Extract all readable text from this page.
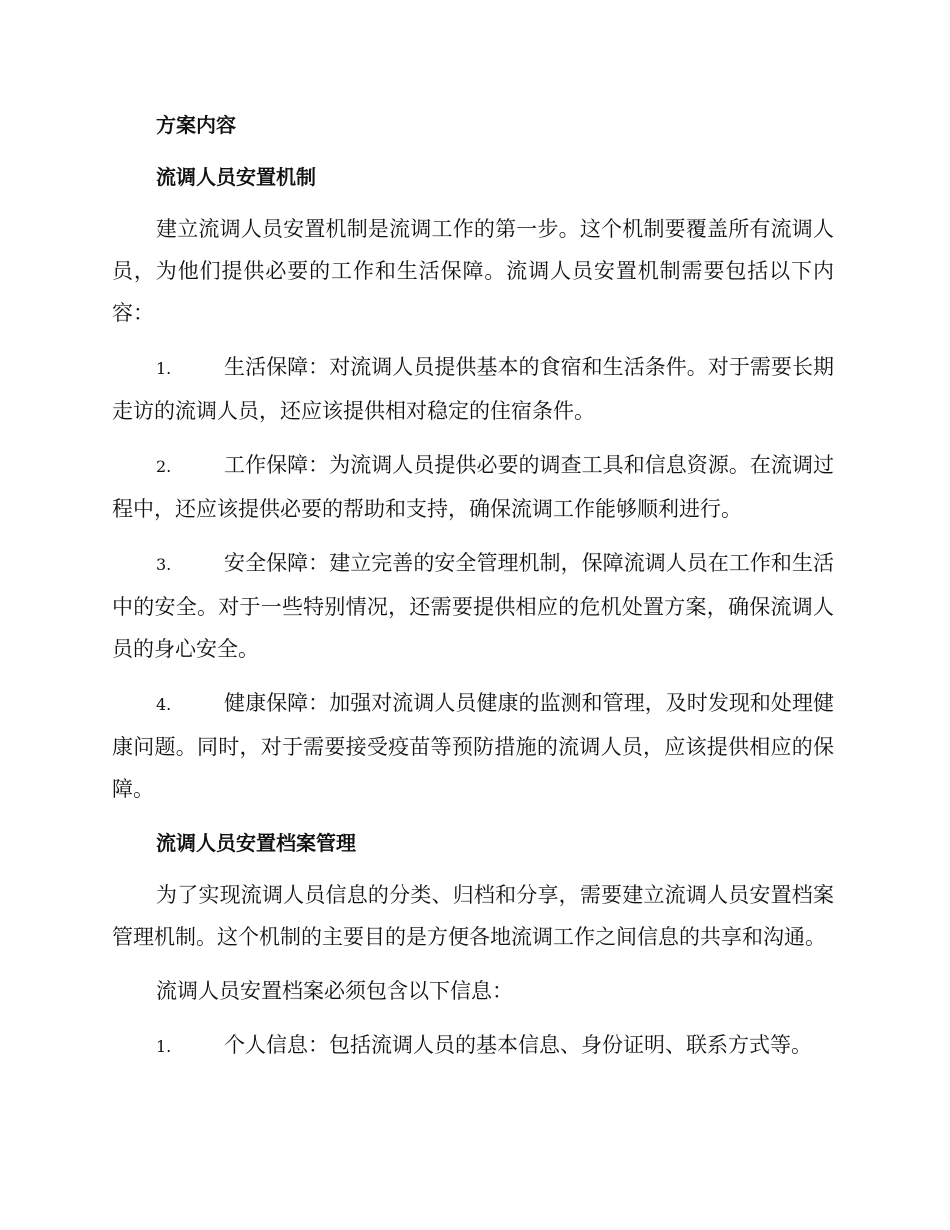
方案内容

流调人员安置机制

建立流调人员安置机制是流调工作的第一步。这个机制要覆盖所有流调人员，为他们提供必要的工作和生活保障。流调人员安置机制需要包括以下内容：

1.	生活保障：对流调人员提供基本的食宿和生活条件。对于需要长期走访的流调人员，还应该提供相对稳定的住宿条件。

2.	工作保障：为流调人员提供必要的调查工具和信息资源。在流调过程中，还应该提供必要的帮助和支持，确保流调工作能够顺利进行。

3.	安全保障：建立完善的安全管理机制，保障流调人员在工作和生活中的安全。对于一些特别情况，还需要提供相应的危机处置方案，确保流调人员的身心安全。

4.	健康保障：加强对流调人员健康的监测和管理，及时发现和处理健康问题。同时，对于需要接受疫苗等预防措施的流调人员，应该提供相应的保障。

流调人员安置档案管理

为了实现流调人员信息的分类、归档和分享，需要建立流调人员安置档案管理机制。这个机制的主要目的是方便各地流调工作之间信息的共享和沟通。

流调人员安置档案必须包含以下信息：

1.	个人信息：包括流调人员的基本信息、身份证明、联系方式等。
